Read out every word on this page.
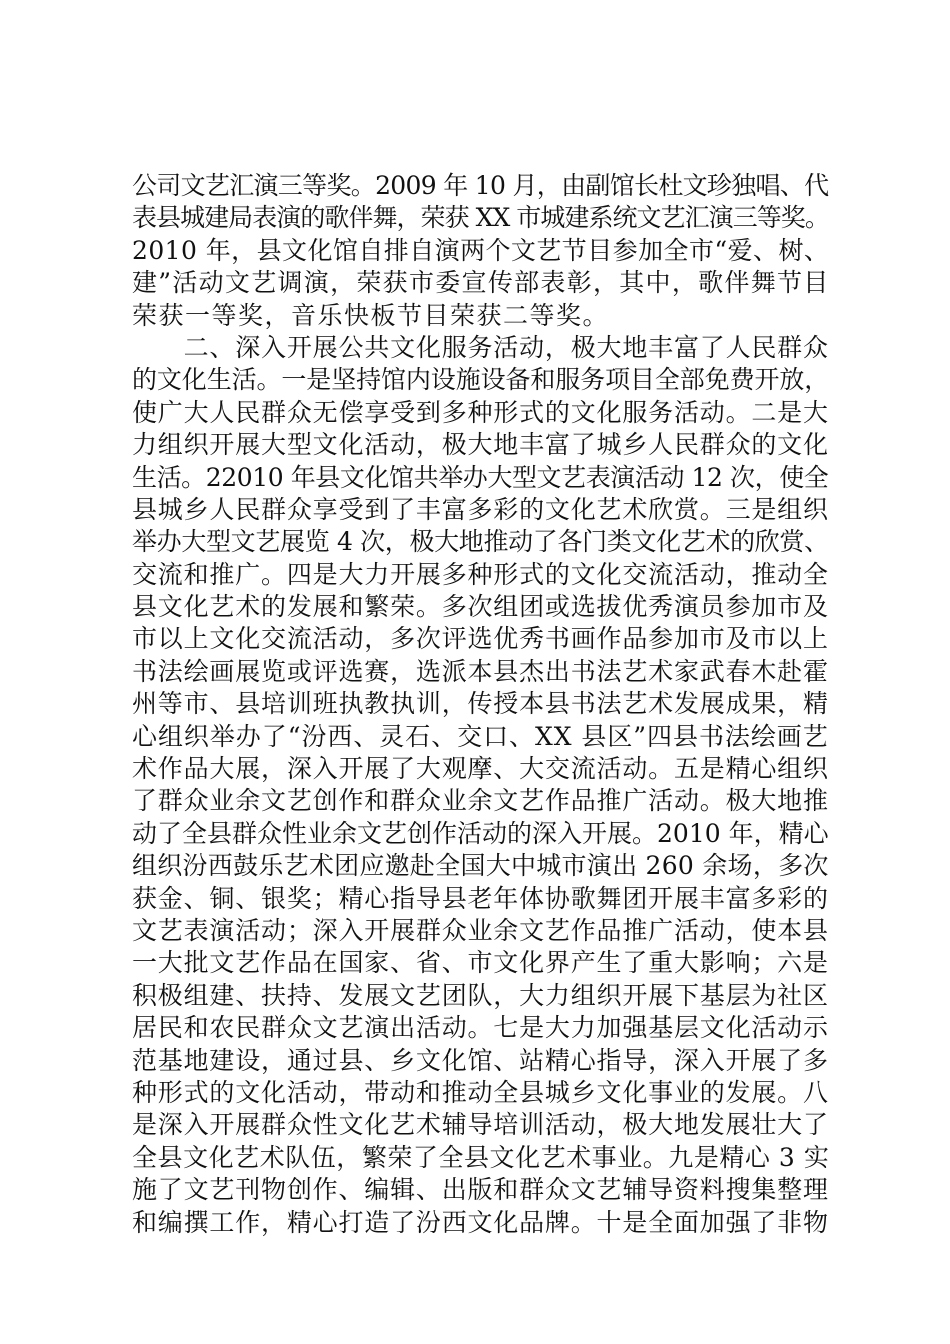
公司文艺汇演三等奖。2009 年 10 月，由副馆长杜文珍独唱、代
表县城建局表演的歌伴舞，荣获 XX 市城建系统文艺汇演三等奖。
2010 年，县文化馆自排自演两个文艺节目参加全市“爱、树、
建”活动文艺调演，荣获市委宣传部表彰，其中，歌伴舞节目
荣获一等奖，音乐快板节目荣获二等奖。
　　二、深入开展公共文化服务活动，极大地丰富了人民群众
的文化生活。一是坚持馆内设施设备和服务项目全部免费开放，
使广大人民群众无偿享受到多种形式的文化服务活动。二是大
力组织开展大型文化活动，极大地丰富了城乡人民群众的文化
生活。22010 年县文化馆共举办大型文艺表演活动 12 次，使全
县城乡人民群众享受到了丰富多彩的文化艺术欣赏。三是组织
举办大型文艺展览 4 次，极大地推动了各门类文化艺术的欣赏、
交流和推广。四是大力开展多种形式的文化交流活动，推动全
县文化艺术的发展和繁荣。多次组团或选拔优秀演员参加市及
市以上文化交流活动，多次评选优秀书画作品参加市及市以上
书法绘画展览或评选赛，选派本县杰出书法艺术家武春木赴霍
州等市、县培训班执教执训，传授本县书法艺术发展成果，精
心组织举办了“汾西、灵石、交口、XX 县区”四县书法绘画艺
术作品大展，深入开展了大观摩、大交流活动。五是精心组织
了群众业余文艺创作和群众业余文艺作品推广活动。极大地推
动了全县群众性业余文艺创作活动的深入开展。2010 年，精心
组织汾西鼓乐艺术团应邀赴全国大中城市演出 260 余场，多次
获金、铜、银奖；精心指导县老年体协歌舞团开展丰富多彩的
文艺表演活动；深入开展群众业余文艺作品推广活动，使本县
一大批文艺作品在国家、省、市文化界产生了重大影响；六是
积极组建、扶持、发展文艺团队，大力组织开展下基层为社区
居民和农民群众文艺演出活动。七是大力加强基层文化活动示
范基地建设，通过县、乡文化馆、站精心指导，深入开展了多
种形式的文化活动，带动和推动全县城乡文化事业的发展。八
是深入开展群众性文化艺术辅导培训活动，极大地发展壮大了
全县文化艺术队伍，繁荣了全县文化艺术事业。九是精心 3 实
施了文艺刊物创作、编辑、出版和群众文艺辅导资料搜集整理
和编撰工作，精心打造了汾西文化品牌。十是全面加强了非物
